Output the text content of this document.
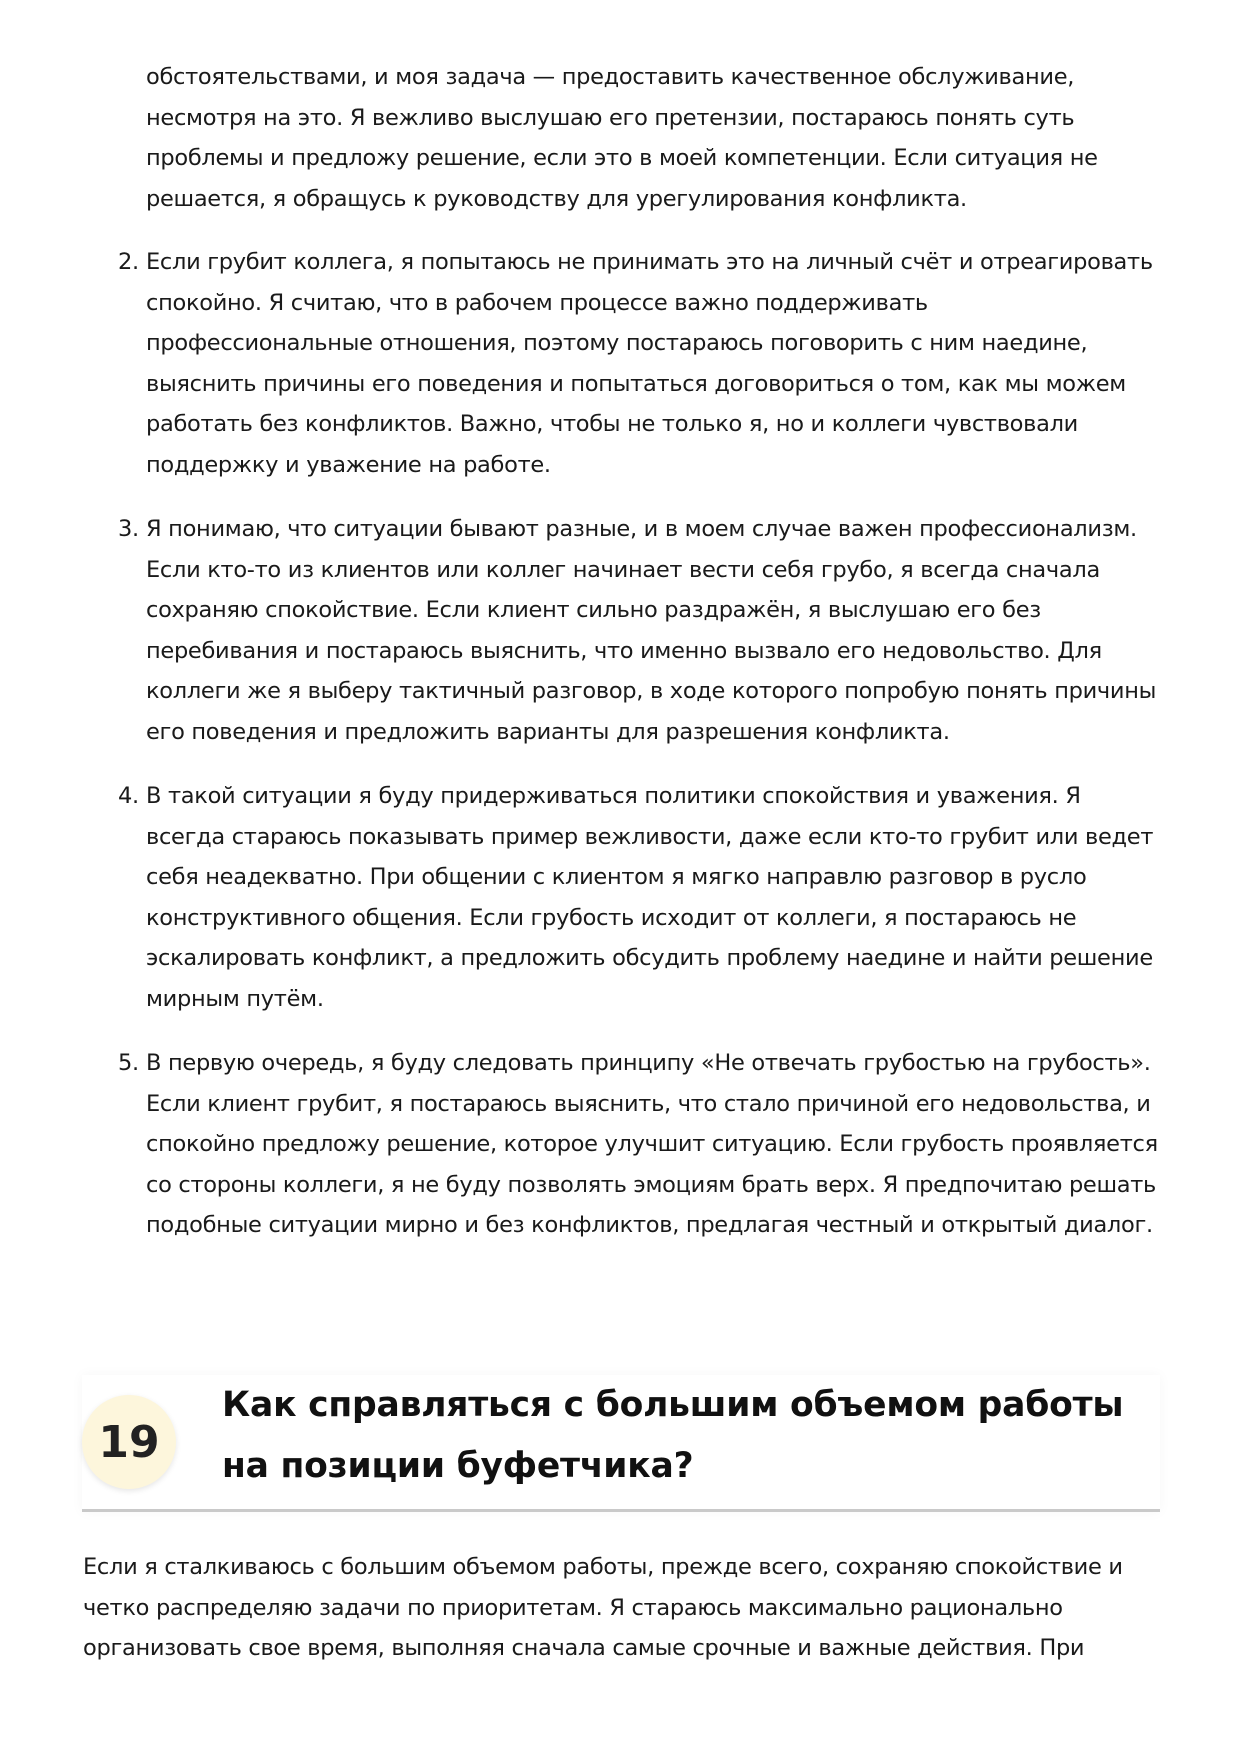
обстоятельствами, и моя задача — предоставить качественное обслуживание, несмотря на это. Я вежливо выслушаю его претензии, постараюсь понять суть проблемы и предложу решение, если это в моей компетенции. Если ситуация не решается, я обращусь к руководству для урегулирования конфликта.

2. Если грубит коллега, я попытаюсь не принимать это на личный счёт и отреагировать спокойно. Я считаю, что в рабочем процессе важно поддерживать профессиональные отношения, поэтому постараюсь поговорить с ним наедине, выяснить причины его поведения и попытаться договориться о том, как мы можем работать без конфликтов. Важно, чтобы не только я, но и коллеги чувствовали поддержку и уважение на работе.
3. Я понимаю, что ситуации бывают разные, и в моем случае важен профессионализм. Если кто-то из клиентов или коллег начинает вести себя грубо, я всегда сначала сохраняю спокойствие. Если клиент сильно раздражён, я выслушаю его без перебивания и постараюсь выяснить, что именно вызвало его недовольство. Для коллеги же я выберу тактичный разговор, в ходе которого попробую понять причины его поведения и предложить варианты для разрешения конфликта.
4. В такой ситуации я буду придерживаться политики спокойствия и уважения. Я всегда стараюсь показывать пример вежливости, даже если кто-то грубит или ведет себя неадекватно. При общении с клиентом я мягко направлю разговор в русло конструктивного общения. Если грубость исходит от коллеги, я постараюсь не эскалировать конфликт, а предложить обсудить проблему наедине и найти решение мирным путём.
5. В первую очередь, я буду следовать принципу «Не отвечать грубостью на грубость». Если клиент грубит, я постараюсь выяснить, что стало причиной его недовольства, и спокойно предложу решение, которое улучшит ситуацию. Если грубость проявляется со стороны коллеги, я не буду позволять эмоциям брать верх. Я предпочитаю решать подобные ситуации мирно и без конфликтов, предлагая честный и открытый диалог.
19
Как справляться с большим объемом работы на позиции буфетчика?

Если я сталкиваюсь с большим объемом работы, прежде всего, сохраняю спокойствие и четко распределяю задачи по приоритетам. Я стараюсь максимально рационально организовать свое время, выполняя сначала самые срочные и важные действия. При
